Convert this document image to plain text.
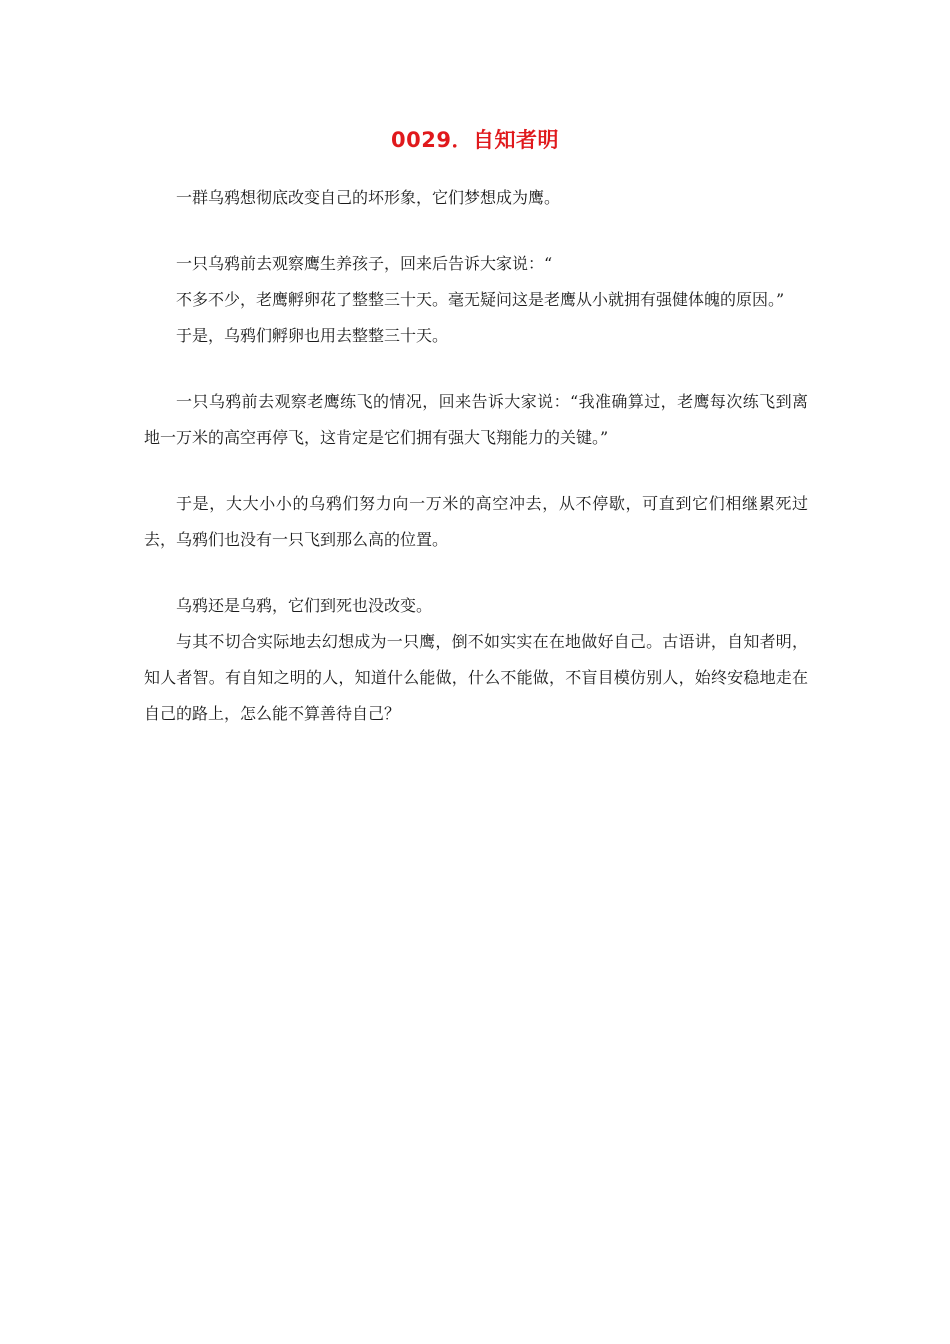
0029．自知者明

一群乌鸦想彻底改变自己的坏形象，它们梦想成为鹰。

一只乌鸦前去观察鹰生养孩子，回来后告诉大家说：“

不多不少，老鹰孵卵花了整整三十天。毫无疑问这是老鹰从小就拥有强健体魄的原因。”

于是，乌鸦们孵卵也用去整整三十天。

一只乌鸦前去观察老鹰练飞的情况，回来告诉大家说：“我准确算过，老鹰每次练飞到离地一万米的高空再停飞，这肯定是它们拥有强大飞翔能力的关键。”

于是，大大小小的乌鸦们努力向一万米的高空冲去，从不停歇，可直到它们相继累死过去，乌鸦们也没有一只飞到那么高的位置。

乌鸦还是乌鸦，它们到死也没改变。

与其不切合实际地去幻想成为一只鹰，倒不如实实在在地做好自己。古语讲，自知者明，知人者智。有自知之明的人，知道什么能做，什么不能做，不盲目模仿别人，始终安稳地走在自己的路上，怎么能不算善待自己？
